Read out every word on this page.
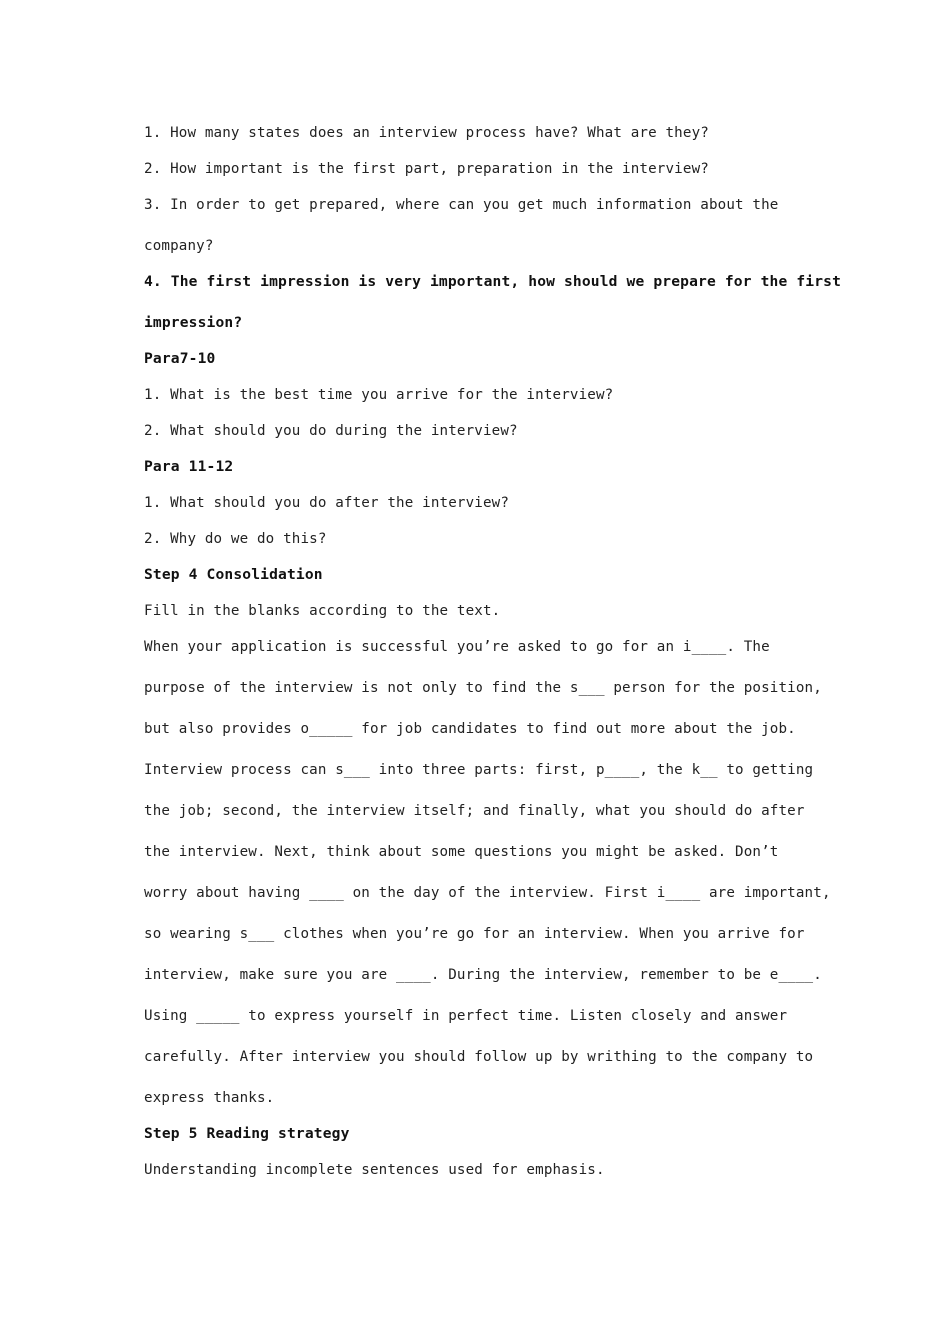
1. How many states does an interview process have? What are they?
2. How important is the first part, preparation in the interview?
3. In order to get prepared, where can you get much information about the
company?
4. The first impression is very important, how should we prepare for the first
impression?
Para7-10
1. What is the best time you arrive for the interview?
2. What should you do during the interview?
Para 11-12
1. What should you do after the interview?
2. Why do we do this?
Step 4 Consolidation
Fill in the blanks according to the text.
When your application is successful you’re asked to go for an i____. The
purpose of the interview is not only to find the s___ person for the position,
but also provides o_____ for job candidates to find out more about the job.
Interview process can s___ into three parts: first, p____, the k__ to getting
the job; second, the interview itself; and finally, what you should do after
the interview. Next, think about some questions you might be asked. Don’t
worry about having ____ on the day of the interview. First i____ are important,
so wearing s___ clothes when you’re go for an interview. When you arrive for
interview, make sure you are ____. During the interview, remember to be e____.
Using _____ to express yourself in perfect time. Listen closely and answer
carefully. After interview you should follow up by writhing to the company to
express thanks.
Step 5 Reading strategy
Understanding incomplete sentences used for emphasis.
